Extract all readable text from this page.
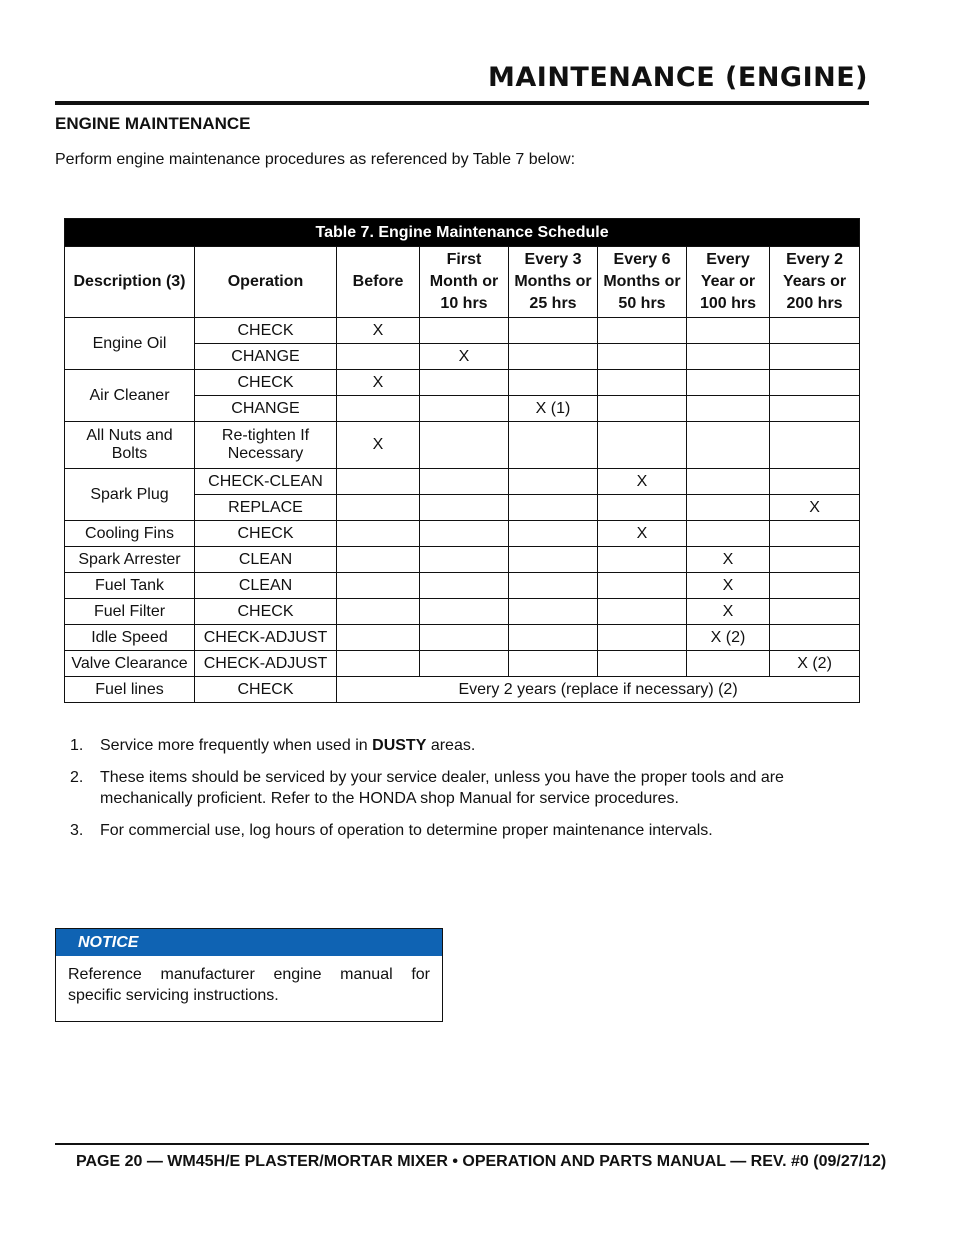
MAINTENANCE (ENGINE)
ENGINE MAINTENANCE
Perform engine maintenance procedures as referenced by Table 7 below:
Table 7. Engine Maintenance Schedule							
Description (3)	Operation	Before	First
Month or
10 hrs	Every 3
Months or
25 hrs	Every 6
Months or
50 hrs	Every
Year or
100 hrs	Every 2
Years or
200 hrs
Engine Oil	CHECK	X					
	CHANGE		X				
Air Cleaner	CHECK	X					
	CHANGE			X (1)			
All Nuts and
Bolts	Re-tighten If
Necessary	X					
Spark Plug	CHECK-CLEAN				X		
	REPLACE						X
Cooling Fins	CHECK				X		
Spark Arrester	CLEAN					X	
Fuel Tank	CLEAN					X	
Fuel Filter	CHECK					X	
Idle Speed	CHECK-ADJUST					X (2)	
Valve Clearance	CHECK-ADJUST						X (2)
Fuel lines	CHECK	Every 2 years (replace if necessary) (2)					
1.	Service more frequently when used in DUSTY areas.
2.	These items should be serviced by your service dealer, unless you have the proper tools and are mechanically proficient. Refer to the HONDA shop Manual for service procedures.
3.	For commercial use, log hours of operation to determine proper maintenance intervals.
NOTICE
Reference manufacturer engine manual for specific servicing instructions.
PAGE 20 — WM45H/E PLASTER/MORTAR MIXER • OPERATION AND PARTS MANUAL — REV. #0 (09/27/12)
